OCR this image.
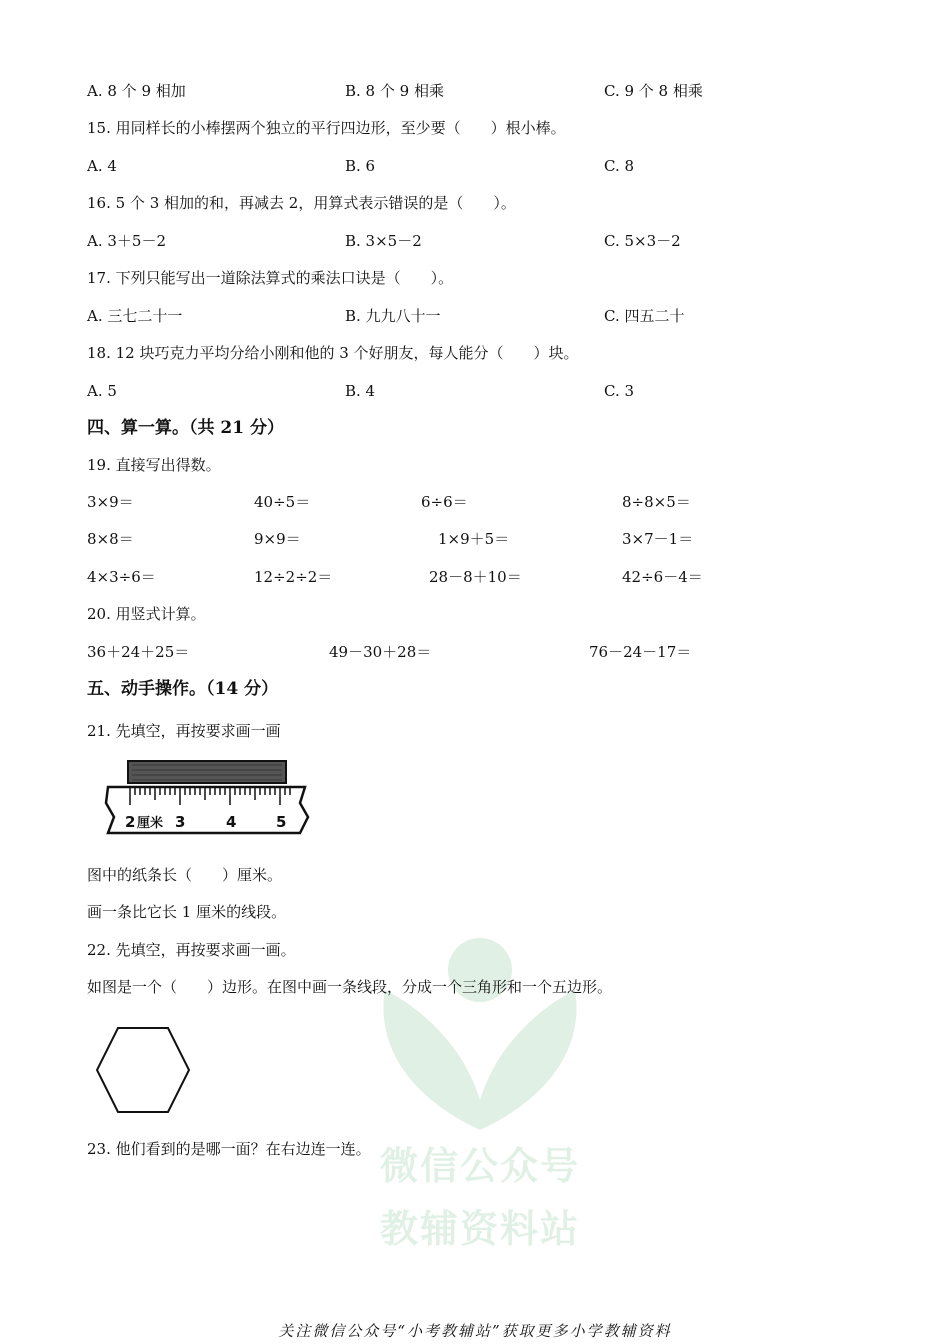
微信公众号
教辅资料站
A. 8 个 9 相加	B. 8 个 9 相乘	C. 9 个 8 相乘
15. 用同样长的小棒摆两个独立的平行四边形，至少要（　　）根小棒。
A. 4	B. 6	C. 8
16. 5 个 3 相加的和，再减去 2，用算式表示错误的是（　　）。
A. 3＋5－2	B. 3×5－2	C. 5×3－2
17. 下列只能写出一道除法算式的乘法口诀是（　　）。
A. 三七二十一	B. 九九八十一	C. 四五二十
18. 12 块巧克力平均分给小刚和他的 3 个好朋友，每人能分（　　）块。
A. 5	B. 4	C. 3
四、算一算。（共 21 分）
19. 直接写出得数。
3×9＝	40÷5＝	6÷6＝	8÷8×5＝
8×8＝	9×9＝	1×9＋5＝	3×7－1＝
4×3÷6＝	12÷2÷2＝	28－8＋10＝	42÷6－4＝
20. 用竖式计算。
36＋24＋25＝	49－30＋28＝	76－24－17＝
五、动手操作。（14 分）
21. 先填空，再按要求画一画
2 厘米 3	4	5
图中的纸条长（　　）厘米。
画一条比它长 1 厘米的线段。
22. 先填空，再按要求画一画。
如图是一个（　　）边形。在图中画一条线段，分成一个三角形和一个五边形。
23. 他们看到的是哪一面？在右边连一连。
关注微信公众号“小考教辅站”获取更多小学教辅资料
